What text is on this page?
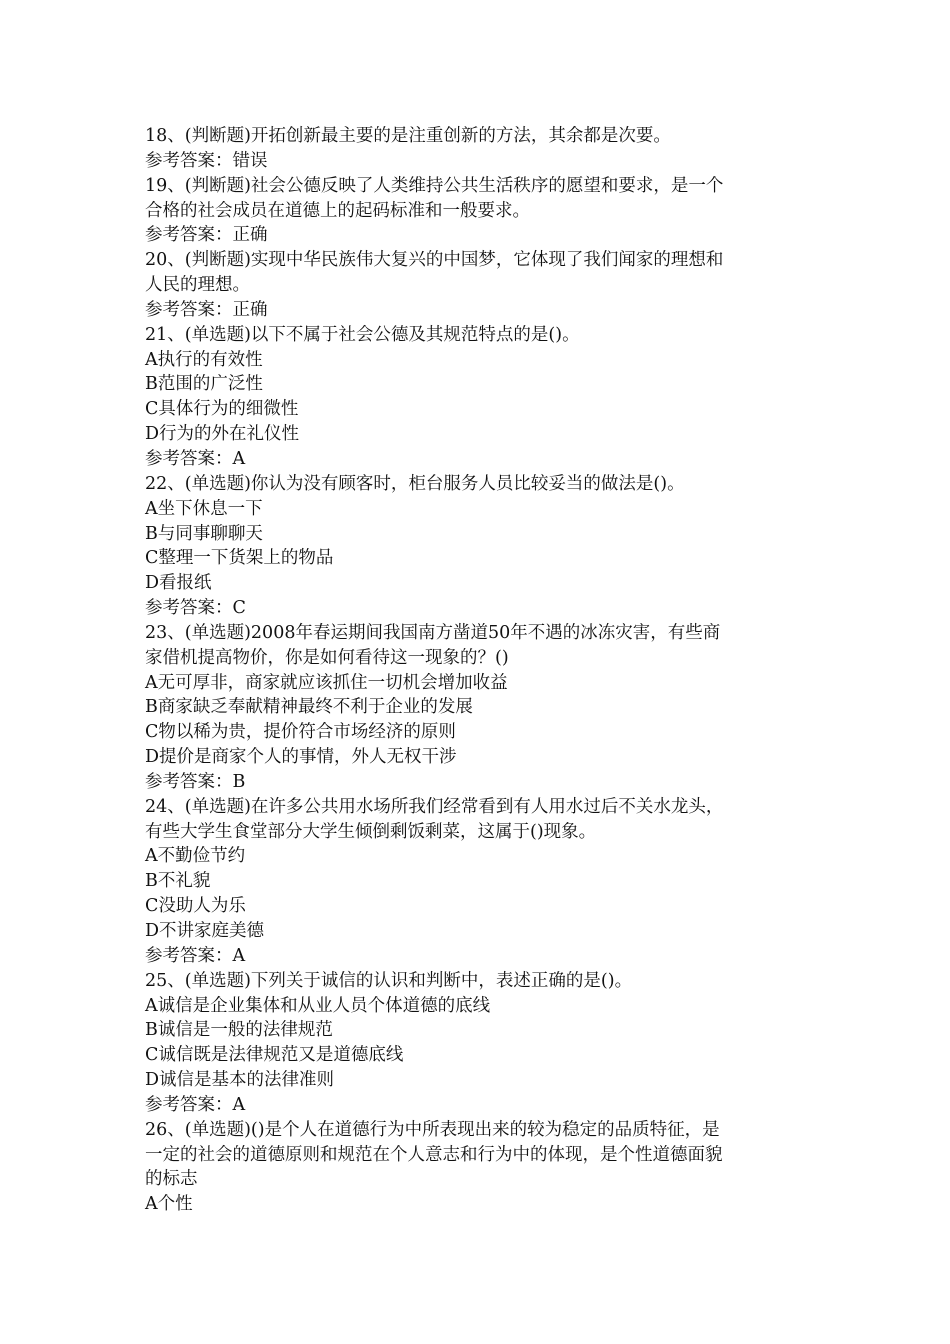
18、(判断题)开拓创新最主要的是注重创新的方法，其余都是次要。
参考答案：错误
19、(判断题)社会公德反映了人类维持公共生活秩序的愿望和要求，是一个
合格的社会成员在道德上的起码标准和一般要求。
参考答案：正确
20、(判断题)实现中华民族伟大复兴的中国梦，它体现了我们闻家的理想和
人民的理想。
参考答案：正确
21、(单选题)以下不属于社会公德及其规范特点的是()。
A执行的有效性
B范围的广泛性
C具体行为的细微性
D行为的外在礼仪性
参考答案：A
22、(单选题)你认为没有顾客时，柜台服务人员比较妥当的做法是()。
A坐下休息一下
B与同事聊聊天
C整理一下货架上的物品
D看报纸
参考答案：C
23、(单选题)2008年春运期间我国南方凿道50年不遇的冰冻灾害，有些商
家借机提高物价，你是如何看待这一现象的？()
A无可厚非，商家就应该抓住一切机会增加收益
B商家缺乏奉献精神最终不利于企业的发展
C物以稀为贵，提价符合市场经济的原则
D提价是商家个人的事情，外人无权干涉
参考答案：B
24、(单选题)在许多公共用水场所我们经常看到有人用水过后不关水龙头，
有些大学生食堂部分大学生倾倒剩饭剩菜，这属于()现象。
A不勤俭节约
B不礼貌
C没助人为乐
D不讲家庭美德
参考答案：A
25、(单选题)下列关于诚信的认识和判断中，表述正确的是()。
A诚信是企业集体和从业人员个体道德的底线
B诚信是一般的法律规范
C诚信既是法律规范又是道德底线
D诚信是基本的法律准则
参考答案：A
26、(单选题)()是个人在道德行为中所表现出来的较为稳定的品质特征，是
一定的社会的道德原则和规范在个人意志和行为中的体现，是个性道德面貌
的标志
A个性
